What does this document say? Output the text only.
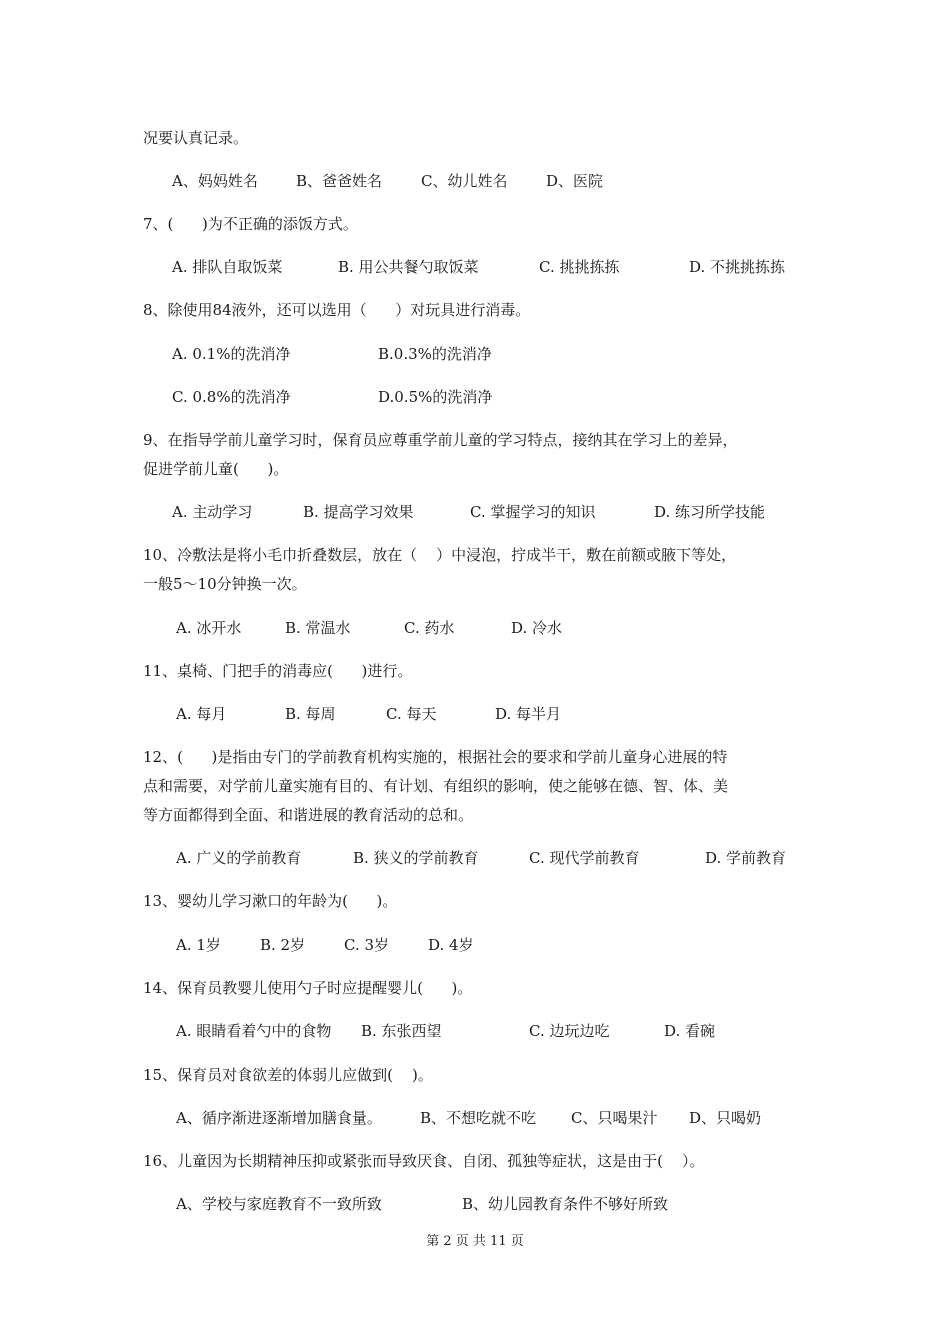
况要认真记录。
A、妈妈姓名	B、爸爸姓名	C、幼儿姓名	D、医院
7、(      )为不正确的添饭方式。
A. 排队自取饭菜	B. 用公共餐勺取饭菜	C. 挑挑拣拣	D. 不挑挑拣拣
8、除使用84液外，还可以选用（      ）对玩具进行消毒。
A. 0.1%的洗消净	B.0.3%的洗消净
C. 0.8%的洗消净	D.0.5%的洗消净
9、在指导学前儿童学习时，保育员应尊重学前儿童的学习特点，接纳其在学习上的差异，
促进学前儿童(      )。
A. 主动学习	B. 提高学习效果	C. 掌握学习的知识	D. 练习所学技能
10、冷敷法是将小毛巾折叠数层，放在（    ）中浸泡，拧成半干，敷在前额或腋下等处，
一般5～10分钟换一次。
A. 冰开水	B. 常温水	C. 药水	D. 冷水
11、桌椅、门把手的消毒应(      )进行。
A. 每月	B. 每周	C. 每天	D. 每半月
12、(      )是指由专门的学前教育机构实施的，根据社会的要求和学前儿童身心进展的特
点和需要，对学前儿童实施有目的、有计划、有组织的影响，使之能够在德、智、体、美
等方面都得到全面、和谐进展的教育活动的总和。
A. 广义的学前教育	B. 狭义的学前教育	C. 现代学前教育	D. 学前教育
13、婴幼儿学习漱口的年龄为(      )。
A. 1岁	B. 2岁	C. 3岁	D. 4岁
14、保育员教婴儿使用勺子时应提醒婴儿(      )。
A. 眼睛看着勺中的食物 B. 东张西望	C. 边玩边吃	D. 看碗
15、保育员对食欲差的体弱儿应做到(    )。
A、循序渐进逐渐增加膳食量。	B、不想吃就不吃 C、只喝果汁 D、只喝奶
16、儿童因为长期精神压抑或紧张而导致厌食、自闭、孤独等症状，这是由于(    ）。
A、学校与家庭教育不一致所致	B、幼儿园教育条件不够好所致
第 2 页 共 11 页
